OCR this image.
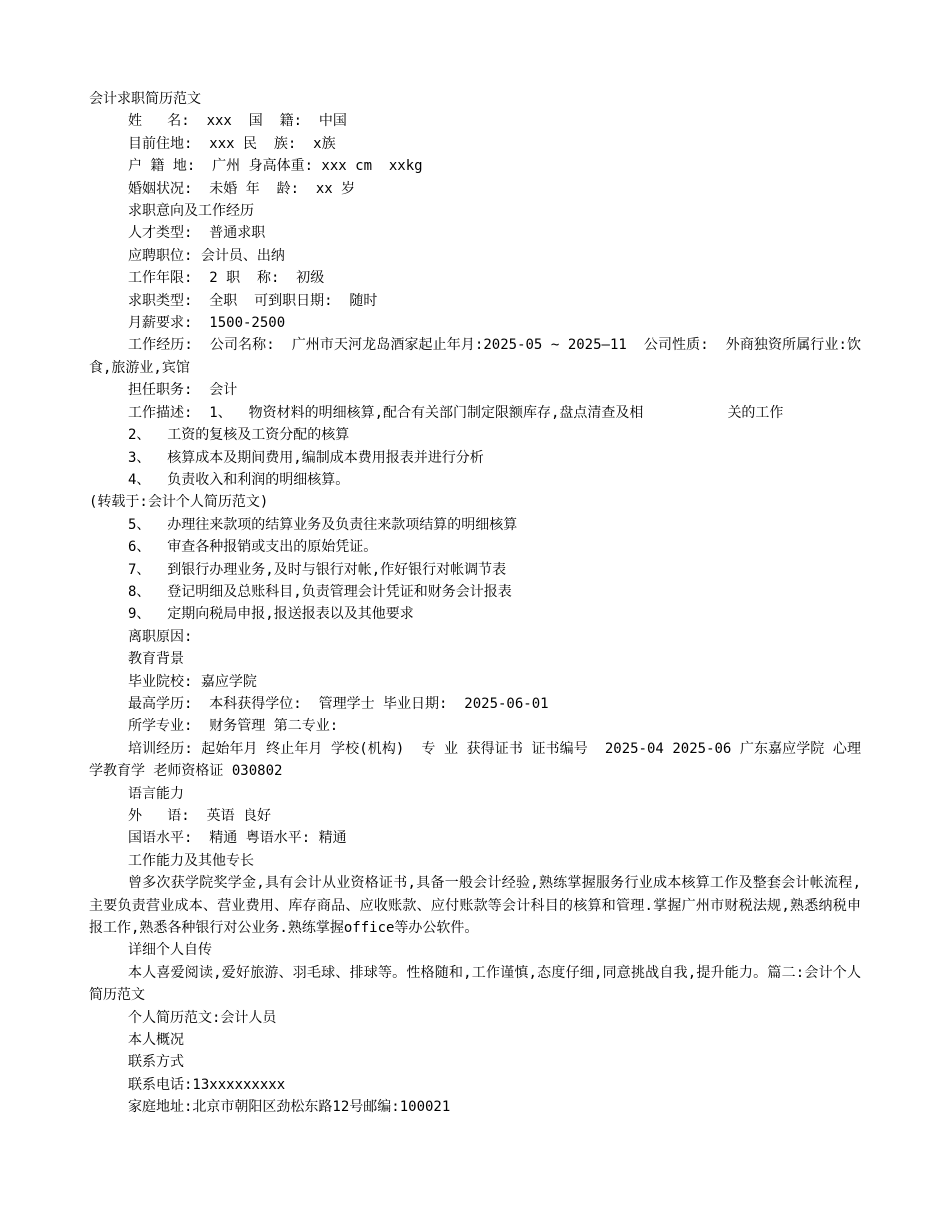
会计求职简历范文

姓   名:  xxx  国  籍:  中国

目前住地:  xxx 民  族:  x族

户 籍 地:  广州 身高体重: xxx cm  xxkg

婚姻状况:  未婚 年  龄:  xx 岁

求职意向及工作经历

人才类型:  普通求职

应聘职位: 会计员、出纳

工作年限:  2 职  称:  初级

求职类型:  全职  可到职日期:  随时

月薪要求:  1500-2500

工作经历:  公司名称:  广州市天河龙岛酒家起止年月:2025-05 ~ 2025—11  公司性质:  外商独资所属行业:饮食,旅游业,宾馆

担任职务:  会计

工作描述:  1、  物资材料的明细核算,配合有关部门制定限额库存,盘点清查及相	关的工作

2、  工资的复核及工资分配的核算

3、  核算成本及期间费用,编制成本费用报表并进行分析

4、  负责收入和利润的明细核算。

(转载于:会计个人简历范文)

5、  办理往来款项的结算业务及负责往来款项结算的明细核算

6、  审查各种报销或支出的原始凭证。

7、  到银行办理业务,及时与银行对帐,作好银行对帐调节表

8、  登记明细及总账科目,负责管理会计凭证和财务会计报表

9、  定期向税局申报,报送报表以及其他要求

离职原因:

教育背景

毕业院校: 嘉应学院

最高学历:  本科获得学位:  管理学士 毕业日期:  2025-06-01

所学专业:  财务管理 第二专业:

培训经历: 起始年月 终止年月 学校(机构)  专 业 获得证书 证书编号  2025-04 2025-06 广东嘉应学院 心理学教育学 老师资格证 030802

语言能力

外   语:  英语 良好

国语水平:  精通 粤语水平: 精通

工作能力及其他专长

曾多次获学院奖学金,具有会计从业资格证书,具备一般会计经验,熟练掌握服务行业成本核算工作及整套会计帐流程,主要负责营业成本、营业费用、库存商品、应收账款、应付账款等会计科目的核算和管理.掌握广州市财税法规,熟悉纳税申报工作,熟悉各种银行对公业务.熟练掌握office等办公软件。

详细个人自传

本人喜爱阅读,爱好旅游、羽毛球、排球等。性格随和,工作谨慎,态度仔细,同意挑战自我,提升能力。篇二:会计个人简历范文

个人简历范文:会计人员

本人概况

联系方式

联系电话:13xxxxxxxxx

家庭地址:北京市朝阳区劲松东路12号邮编:100021
